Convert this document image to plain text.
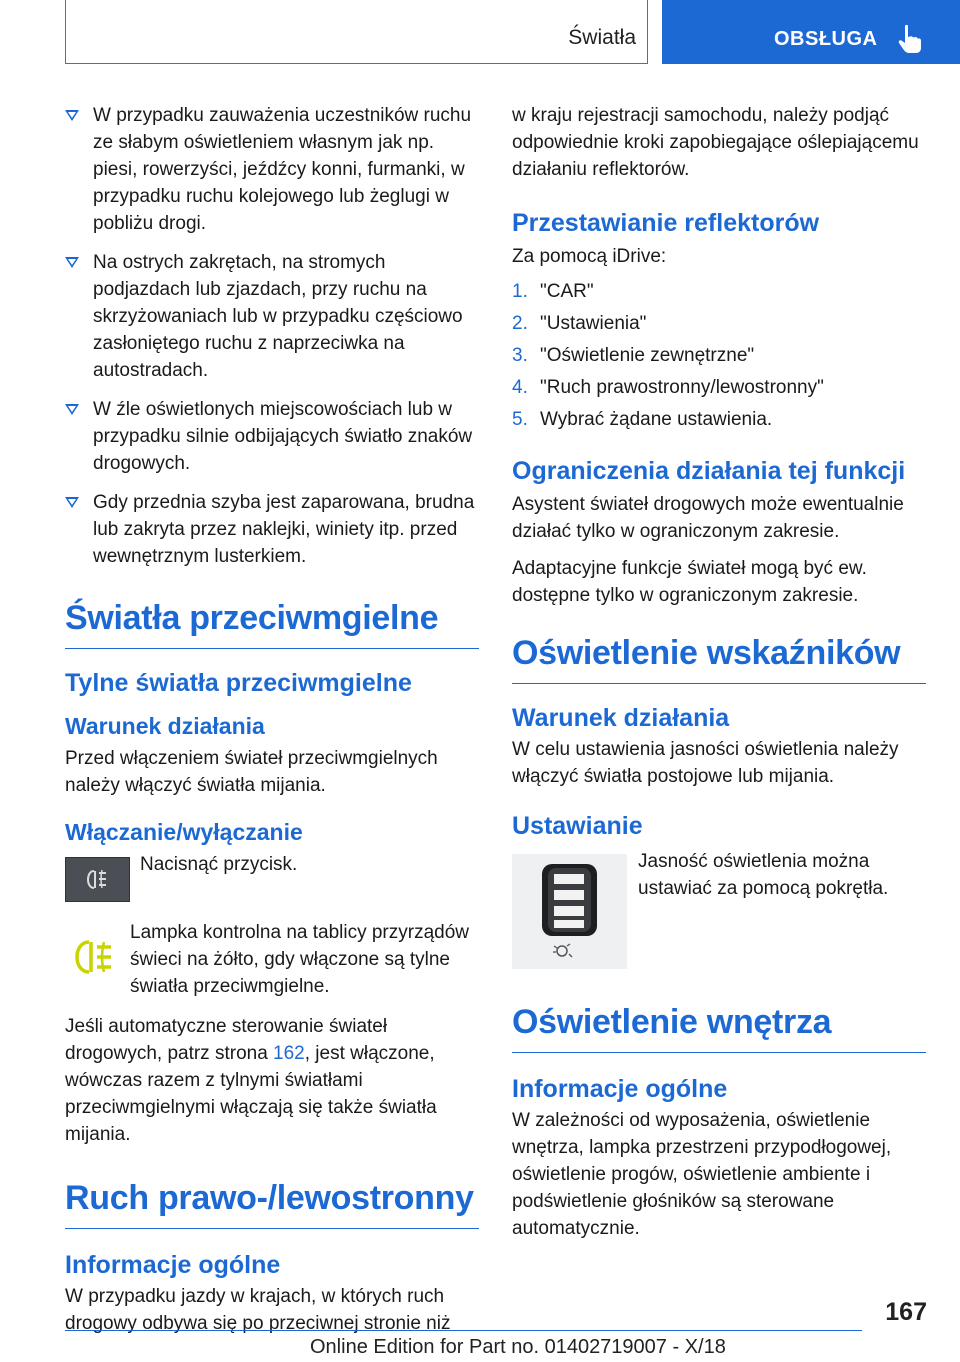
Światła	OBSŁUGA
W przypadku zauważenia uczestników ruchu ze słabym oświetleniem własnym jak np. piesi, rowerzyści, jeźdźcy konni, furmanki, w przypadku ruchu kolejowego lub żeglugi w pobliżu drogi.
Na ostrych zakrętach, na stromych podjazdach lub zjazdach, przy ruchu na skrzyżowaniach lub w przypadku częściowo zasłoniętego ruchu z naprzeciwka na autostradach.
W źle oświetlonych miejscowościach lub w przypadku silnie odbijających światło znaków drogowych.
Gdy przednia szyba jest zaparowana, brudna lub zakryta przez naklejki, winiety itp. przed wewnętrznym lusterkiem.
Światła przeciwmgielne
Tylne światła przeciwmgielne
Warunek działania

Przed włączeniem świateł przeciwmgielnych należy włączyć światła mijania.

Włączanie/wyłączanie

Nacisnąć przycisk.

Lampka kontrolna na tablicy przyrządów świeci na żółto, gdy włączone są tylne światła przeciwmgielne.

Jeśli automatyczne sterowanie świateł drogowych, patrz strona 162, jest włączone, wówczas razem z tylnymi światłami przeciwmgielnymi włączają się także światła mijania.

Ruch prawo-/lewostronny
Informacje ogólne

W przypadku jazdy w krajach, w których ruch drogowy odbywa się po przeciwnej stronie niż

w kraju rejestracji samochodu, należy podjąć odpowiednie kroki zapobiegające oślepiającemu działaniu reflektorów.

Przestawianie reflektorów

Za pomocą iDrive:

1. "CAR"
2. "Ustawienia"
3. "Oświetlenie zewnętrzne"
4. "Ruch prawostronny/lewostronny"
5. Wybrać żądane ustawienia.
Ograniczenia działania tej funkcji

Asystent świateł drogowych może ewentualnie działać tylko w ograniczonym zakresie.

Adaptacyjne funkcje świateł mogą być ew. dostępne tylko w ograniczonym zakresie.

Oświetlenie wskaźników
Warunek działania

W celu ustawienia jasności oświetlenia należy włączyć światła postojowe lub mijania.

Ustawianie

Jasność oświetlenia można ustawiać za pomocą pokrętła.

Oświetlenie wnętrza
Informacje ogólne

W zależności od wyposażenia, oświetlenie wnętrza, lampka przestrzeni przypodłogowej, oświetlenie progów, oświetlenie ambiente i podświetlenie głośników są sterowane automatycznie.

167
Online Edition for Part no. 01402719007 - X/18
